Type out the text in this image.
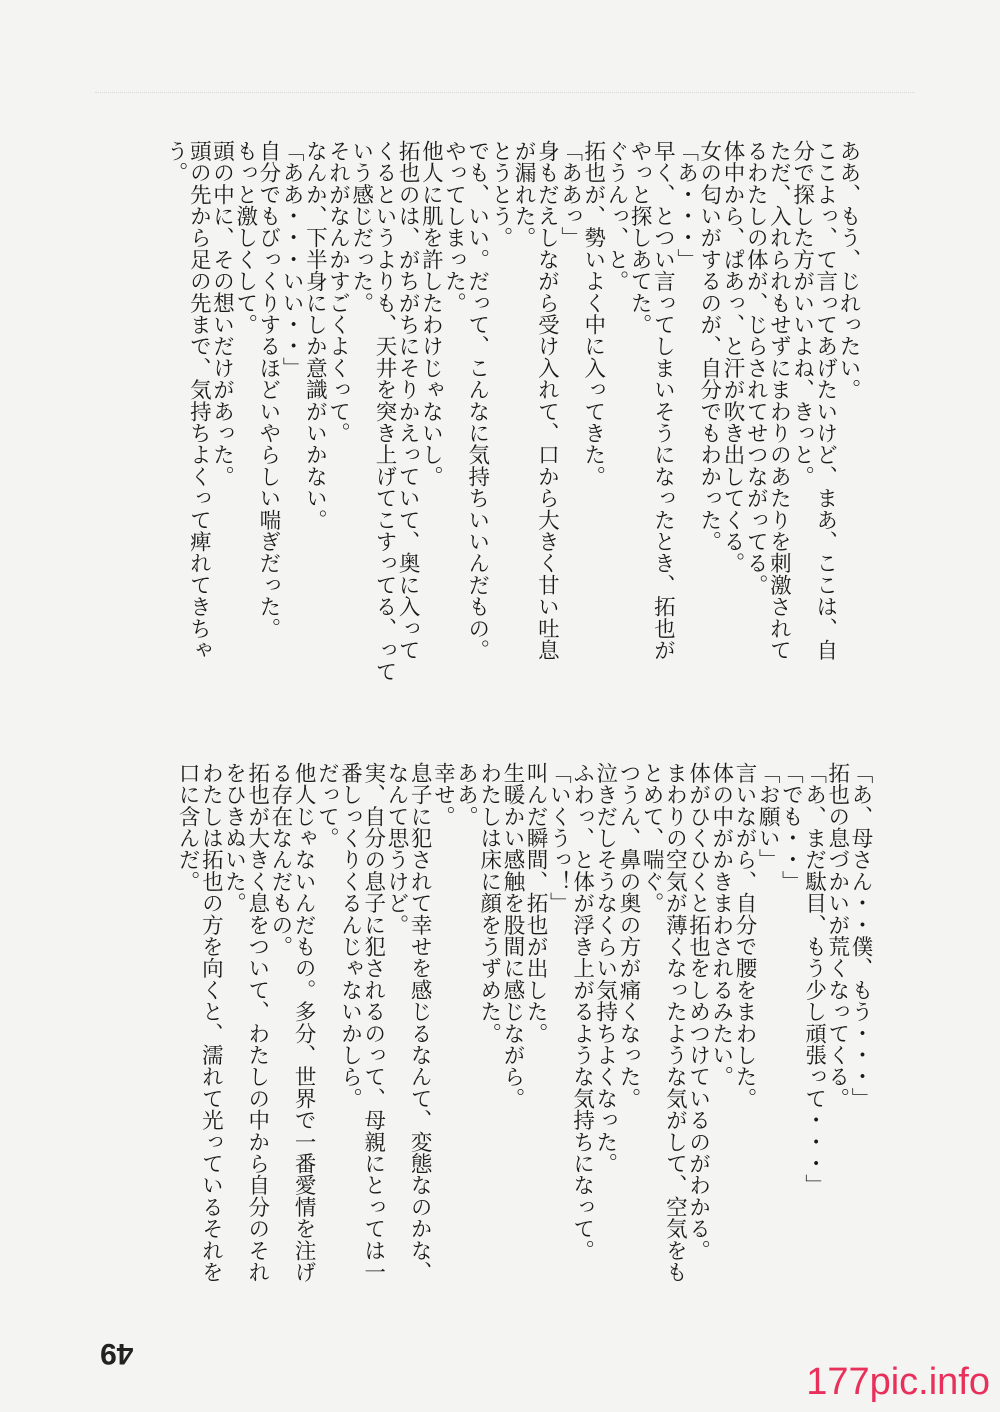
ああ、もう、じれったい。

ここよっ、て言ってあげたいけど、まあ、ここは、自

分で探した方がいいよね、きっと。

ただ、入れられもせずにまわりのあたりを刺激されて

るわたしの体が、じらされてせつながってる。

体中から、ぱあっ、と汗が吹き出してくる。

女の匂いがするのが、自分でもわかった。

「あ・・・」

早く、とつい言ってしまいそうになったとき、拓也が

やっと探しあてた。

ぐうんっ、と。

拓也が、勢いよく中に入ってきた。

「ああっ」

身もだえしながら受け入れて、口から大きく甘い吐息

が漏れた。

とうとう。

でも、いい。だって、こんなに気持ちいいんだもの。

やってしまった。

他人に肌を許したわけじゃないし。

拓也のは、がちがちにそりかえっていて、奥に入って

くるというよりも、天井を突き上げてこすってる、って

いう感じだった。

それがなんかすごくよくって。

なんか、下半身にしか意識がいかない。

「ああ・・・いい・・」

自分でもびっくりするほどいやらしい喘ぎだった。

もっと激しくして。

頭の中に、その想いだけがあった。

頭の先から足の先まで、気持ちよくって痺れてきちゃ

う。

「あ、母さん・・僕、もう・・・」

拓也の息づかいが荒くなってくる。

「あ、まだ駄目、もう少し頑張って・・・」

「でも・・」

「お願い」

言いながら、自分で腰をまわした。

体の中がかきまわされるみたい。

体がひくひくと拓也をしめつけているのがわかる。

まわりの空気が薄くなったような気がして、空気をも

とめて、喘ぐ。

つうん、鼻の奥の方が痛くなった。

泣きだしそうなくらい気持ちよくなった。

ふわっ、と体が浮き上がるような気持ちになって。

「いくうっ！」

叫んだ瞬間、拓也が出した。

生暖かい感触を股間に感じながら。

わたしは床に顔をうずめた。

ああ。

幸せ。

息子に犯されて幸せを感じるなんて、変態なのかな、

なんて思うけど。

実、自分の息子に犯されるのって、母親にとっては一

番しっくりくるんじゃないかしら。

だって。

他人じゃないんだもの。多分、世界で一番愛情を注げ

る存在なんだもの。

拓也が大きく息をついて、わたしの中から自分のそれ

をひきぬいた。

わたしは拓也の方を向くと、濡れて光っているそれを

口に含んだ。

49
177pic.info
